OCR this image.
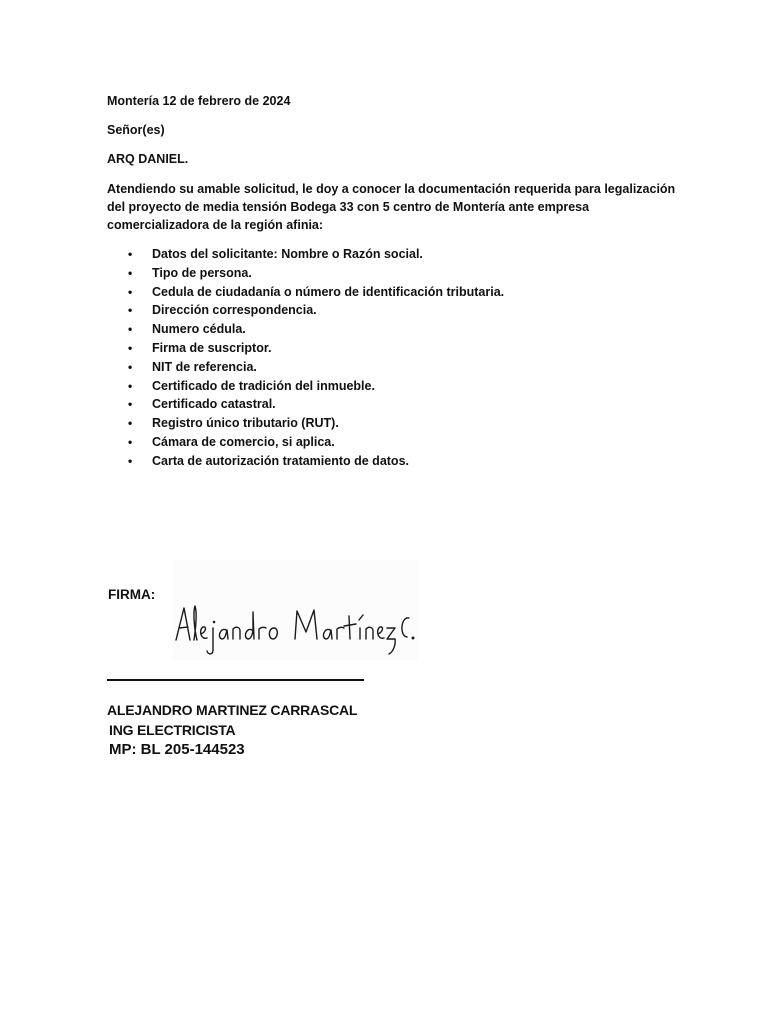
Montería 12 de febrero de 2024

Señor(es)

ARQ DANIEL.

Atendiendo su amable solicitud, le doy a conocer la documentación requerida para legalización

del proyecto de media tensión Bodega 33 con 5 centro de Montería ante empresa

comercializadora de la región afinia:

• Datos del solicitante: Nombre o Razón social.
• Tipo de persona.
• Cedula de ciudadanía o número de identificación tributaria.
• Dirección correspondencia.
• Numero cédula.
• Firma de suscriptor.
• NIT de referencia.
• Certificado de tradición del inmueble.
• Certificado catastral.
• Registro único tributario (RUT).
• Cámara de comercio, si aplica.
• Carta de autorización tratamiento de datos.

FIRMA:

ALEJANDRO MARTINEZ CARRASCAL

ING ELECTRICISTA

MP: BL 205-144523
